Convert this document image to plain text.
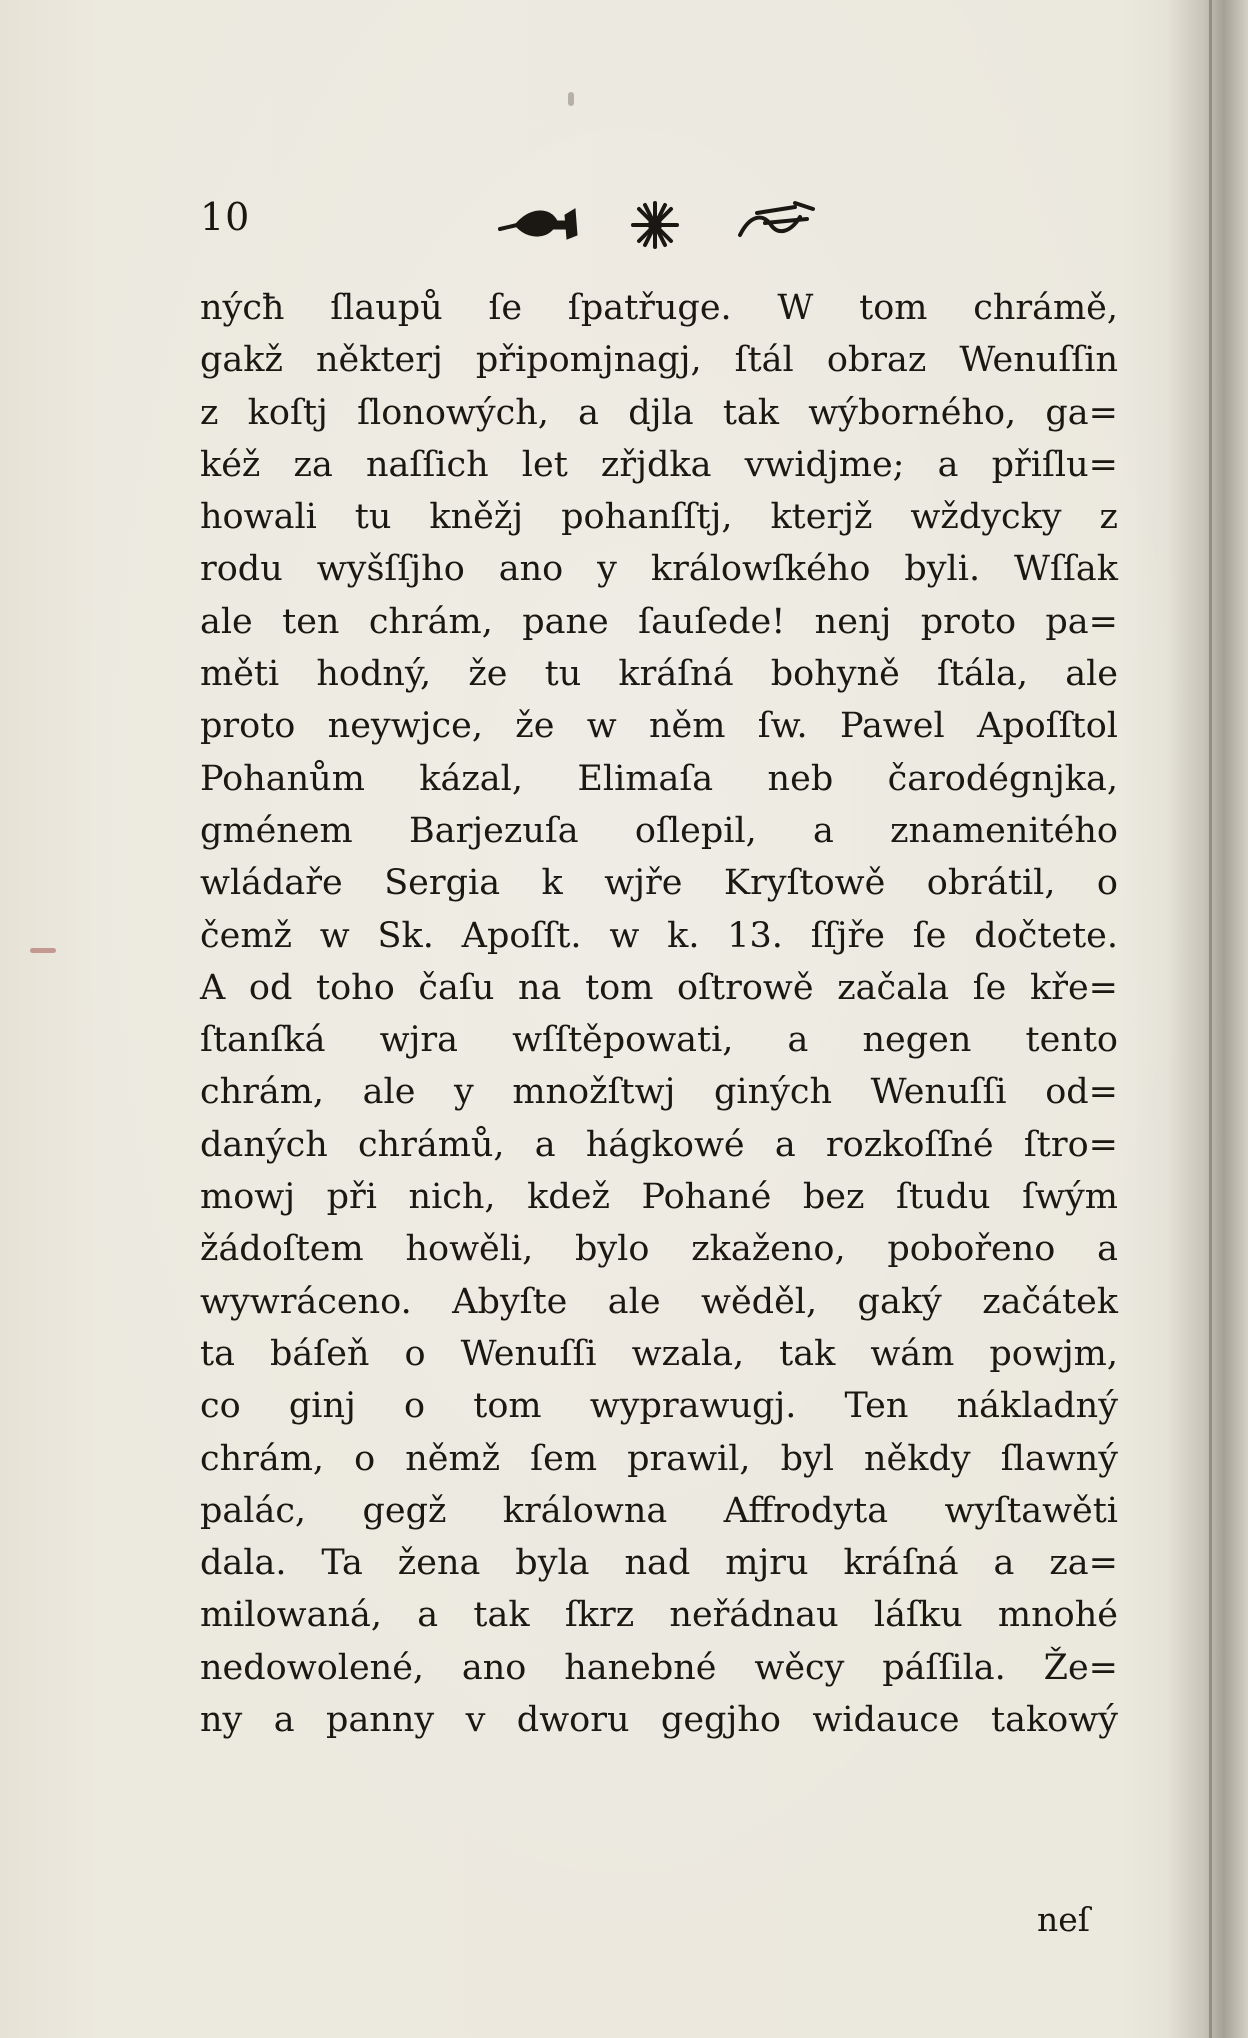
10
nýcħ ſlaupů ſe ſpatřuge. W tom chrámě,
gakž některj připomjnagj, ſtál obraz Wenuſſin
z koſtj ſlonowých, a djla tak wýborného, ga=
kéž za naſſich let zřjdka vwidjme; a přiſlu=
howali tu kněžj pohanſſtj, kterjž wždycky z
rodu wyšſſjho ano y králowſkého byli. Wſſak
ale ten chrám, pane ſauſede! nenj proto pa=
měti hodný, že tu kráſná bohyně ſtála, ale
proto neywjce, že w něm ſw. Pawel Apoſſtol
Pohanům kázal, Elimaſa neb čarodégnjka,
gménem Barjezuſa oſlepil, a znamenitého
wládaře Sergia k wjře Kryſtowě obrátil, o
čemž w Sk. Apoſſt. w k. 13. ſſjře ſe dočtete.
A od toho čaſu na tom oſtrowě začala ſe kře=
ſtanſká wjra wſſtěpowati, a negen tento
chrám, ale y množſtwj giných Wenuſſi od=
daných chrámů, a hágkowé a rozkoſſné ſtro=
mowj při nich, kdež Pohané bez ſtudu ſwým
žádoſtem howěli, bylo zkaženo, pobořeno a
wywráceno. Abyſte ale wěděl, gaký začátek
ta báſeň o Wenuſſi wzala, tak wám powjm,
co ginj o tom wyprawugj. Ten nákladný
chrám, o němž ſem prawil, byl někdy ſlawný
palác, gegž králowna Affrodyta wyſtawěti
dala. Ta žena byla nad mjru kráſná a za=
milowaná, a tak ſkrz neřádnau láſku mnohé
nedowolené, ano hanebné wěcy páſſila. Že=
ny a panny v dworu gegjho widauce takowý
neſ
